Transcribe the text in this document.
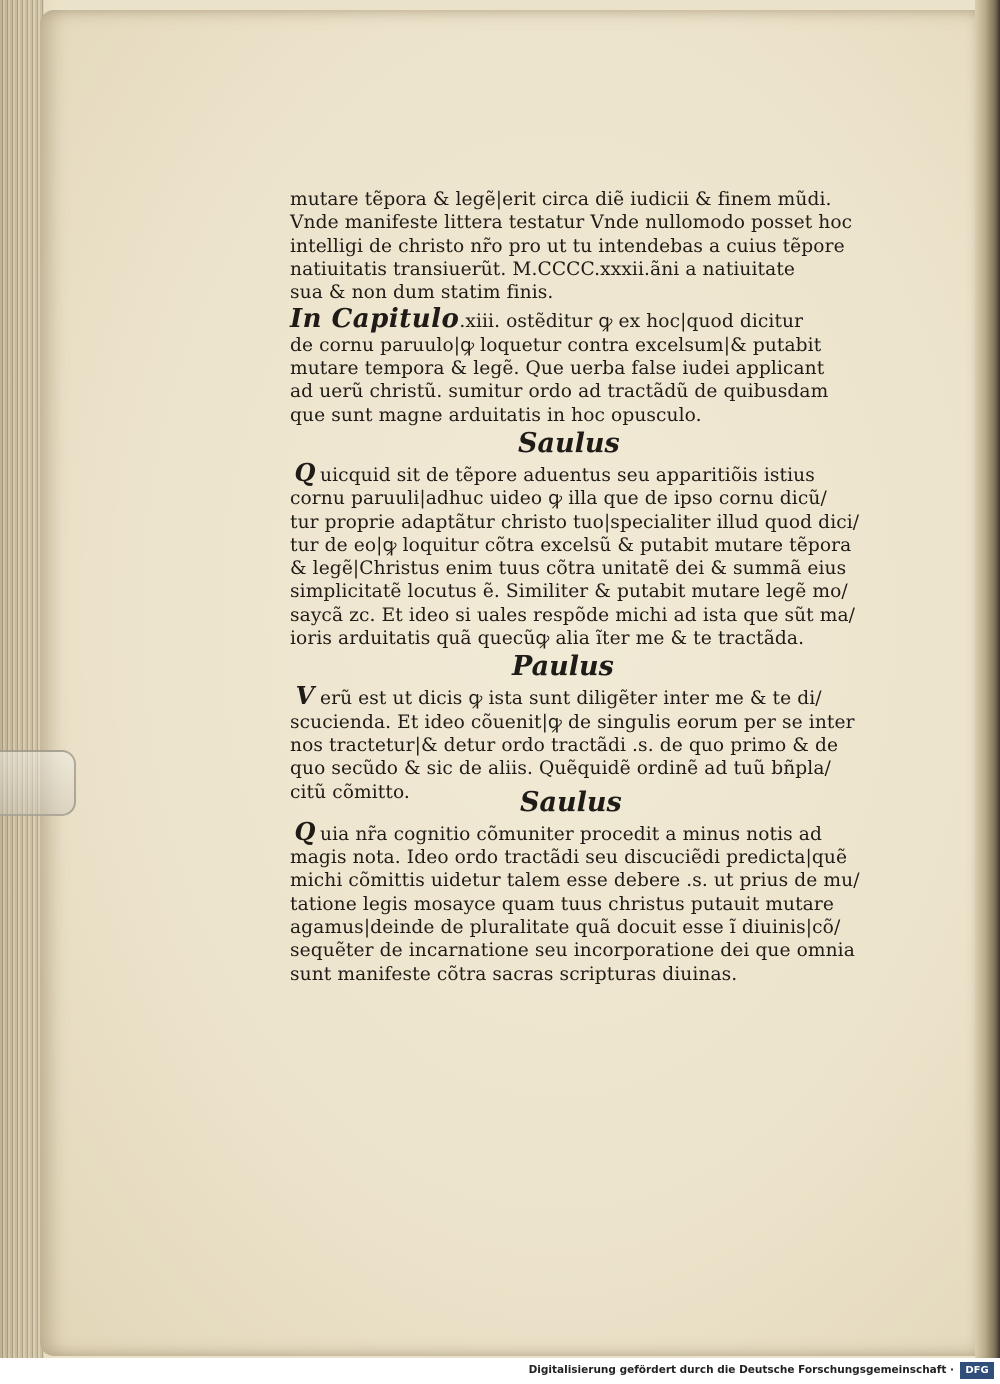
mutare tẽpora & legẽ|erit circa diẽ iudicii & finem mũdi.
Vnde manifeste littera testatur Vnde nullomodo posset hoc
intelligi de christo nr̃o pro ut tu intendebas a cuius tẽpore
natiuitatis transiuerũt. M.CCCC.xxxii.ãni a natiuitate
sua & non dum statim finis.
In Capitulo.xiii. ostẽditur ꝙ ex hoc|quod dicitur
de cornu paruulo|ꝙ loquetur contra excelsum|& putabit
mutare tempora & legẽ. Que uerba false iudei applicant
ad uerũ christũ. sumitur ordo ad tractãdũ de quibusdam
que sunt magne arduitatis in hoc opusculo.
Saulus
Q uicquid sit de tẽpore aduentus seu apparitiõis istius
cornu paruuli|adhuc uideo ꝙ illa que de ipso cornu dicũ/
tur proprie adaptãtur christo tuo|specialiter illud quod dici/
tur de eo|ꝙ loquitur cõtra excelsũ & putabit mutare tẽpora
& legẽ|Christus enim tuus cõtra unitatẽ dei & summã eius
simplicitatẽ locutus ẽ. Similiter & putabit mutare legẽ mo/
saycã zc. Et ideo si uales respõde michi ad ista que sũt ma/
ioris arduitatis quã quecũꝙ alia ĩter me & te tractãda.
Paulus
V erũ est ut dicis ꝙ ista sunt diligẽter inter me & te di/
scucienda. Et ideo cõuenit|ꝙ de singulis eorum per se inter
nos tractetur|& detur ordo tractãdi .s. de quo primo & de
quo secũdo & sic de aliis. Quẽquidẽ ordinẽ ad tuũ bñpla/
citũ cõmitto.	Saulus
Q uia nr̃a cognitio cõmuniter procedit a minus notis ad
magis nota. Ideo ordo tractãdi seu discuciẽdi predicta|quẽ
michi cõmittis uidetur talem esse debere .s. ut prius de mu/
tatione legis mosayce quam tuus christus putauit mutare
agamus|deinde de pluralitate quã docuit esse ĩ diuinis|cõ/
sequẽter de incarnatione seu incorporatione dei que omnia
sunt manifeste cõtra sacras scripturas diuinas.
Digitalisierung gefördert durch die Deutsche Forschungsgemeinschaft ·	DFG
